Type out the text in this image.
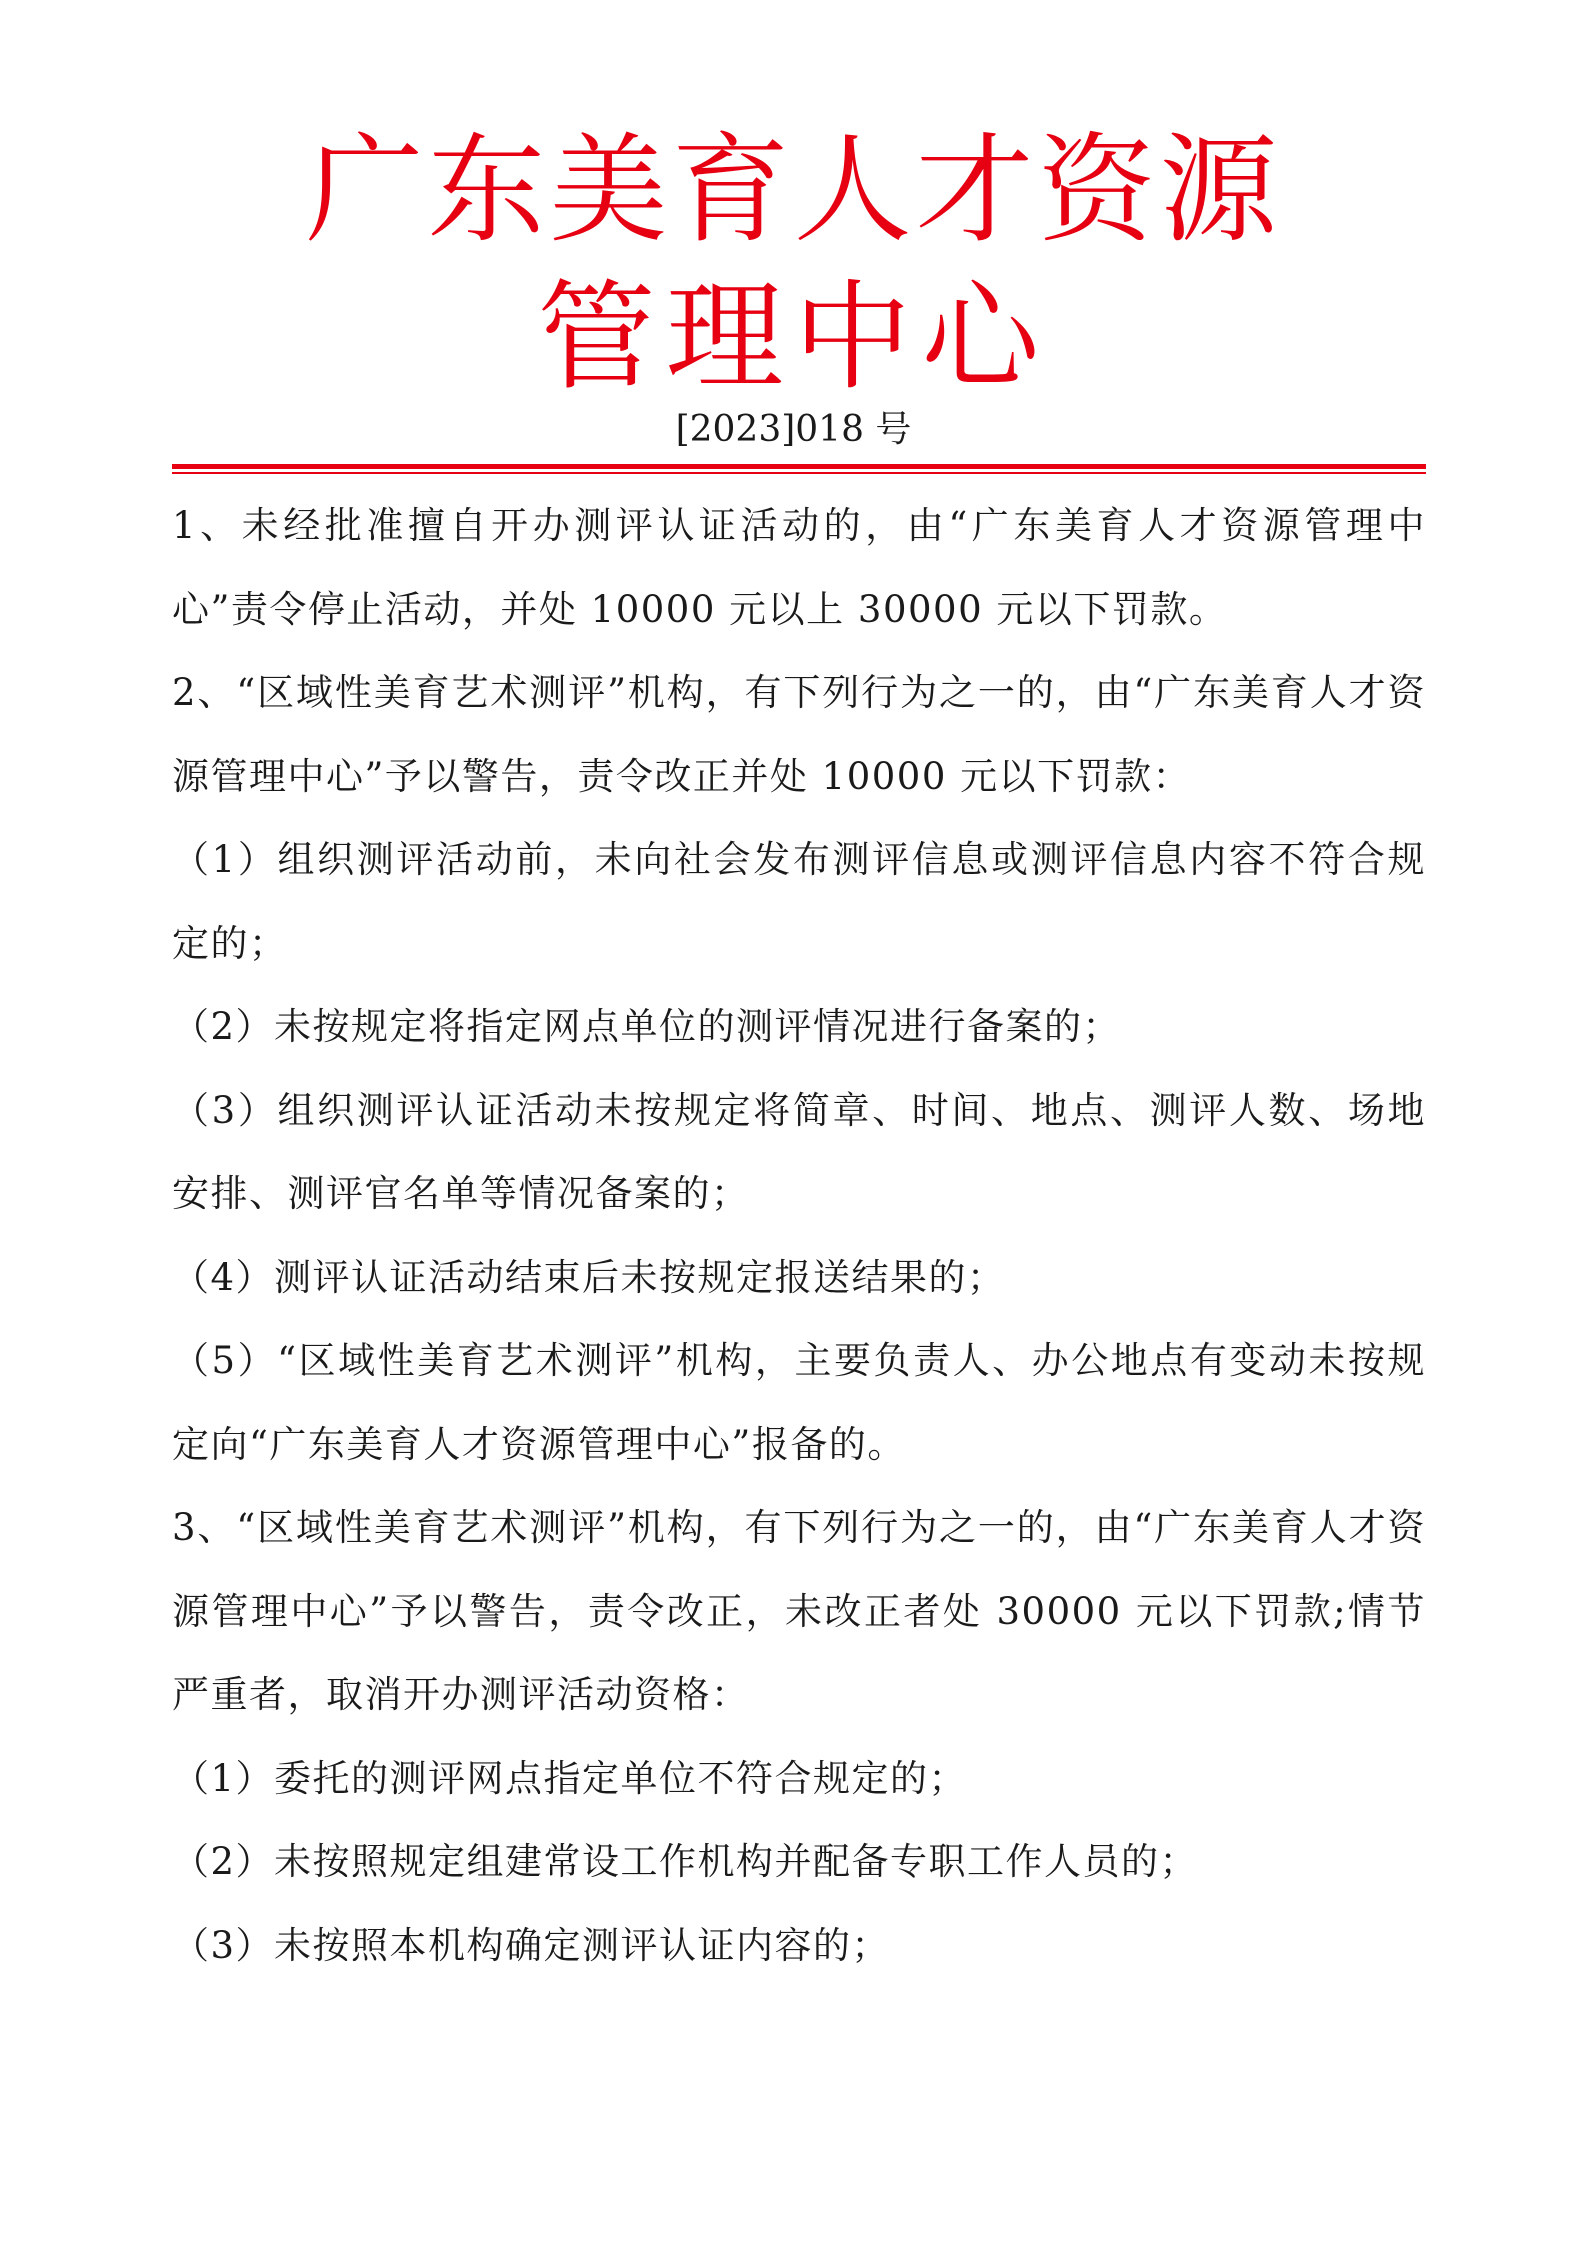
广东美育人才资源
管理中心
[2023]018 号

1、未经批准擅自开办测评认证活动的，由“广东美育人才资源管理中心”责令停止活动，并处 10000 元以上 30000 元以下罚款。

2、“区域性美育艺术测评”机构，有下列行为之一的，由“广东美育人才资源管理中心”予以警告，责令改正并处 10000 元以下罚款：

（1）组织测评活动前，未向社会发布测评信息或测评信息内容不符合规定的；

（2）未按规定将指定网点单位的测评情况进行备案的；

（3）组织测评认证活动未按规定将简章、时间、地点、测评人数、场地安排、测评官名单等情况备案的；

（4）测评认证活动结束后未按规定报送结果的；

（5）“区域性美育艺术测评”机构，主要负责人、办公地点有变动未按规定向“广东美育人才资源管理中心”报备的。

3、“区域性美育艺术测评”机构，有下列行为之一的，由“广东美育人才资源管理中心”予以警告，责令改正，未改正者处 30000 元以下罚款;情节严重者，取消开办测评活动资格：

（1）委托的测评网点指定单位不符合规定的；

（2）未按照规定组建常设工作机构并配备专职工作人员的；

（3）未按照本机构确定测评认证内容的；
